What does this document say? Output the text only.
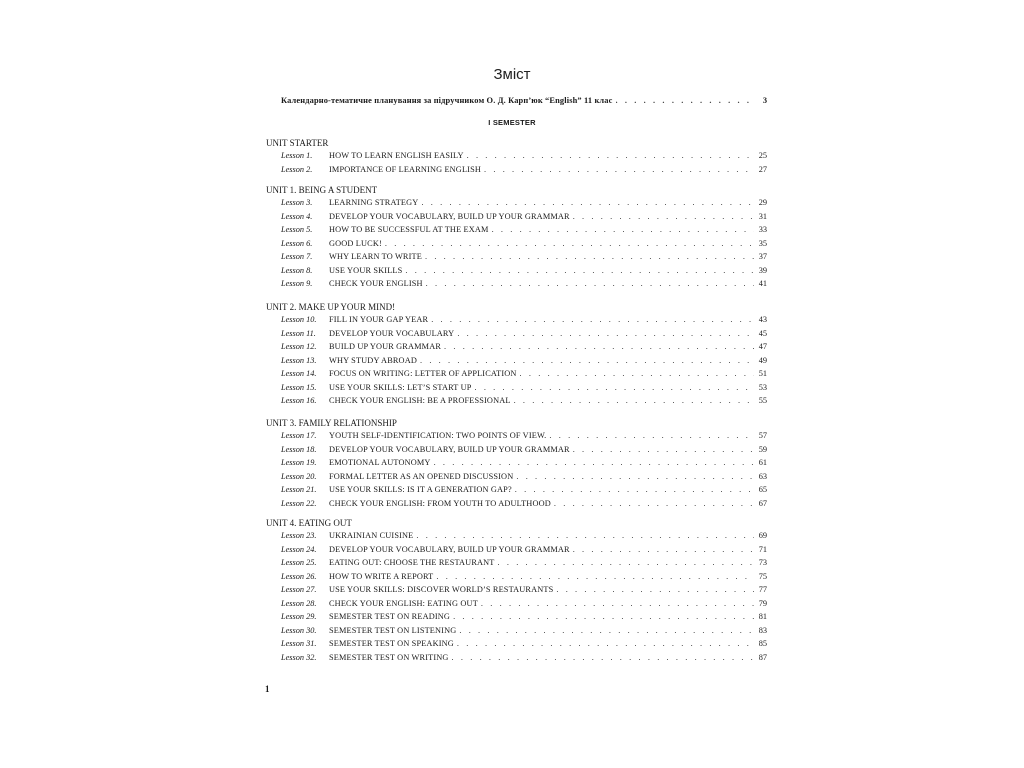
Зміст
Календарно-тематичне планування за підручником О. Д. Карп’юк “English” 11 клас . . .	3
I SEMESTER
UNIT STARTER
Lesson 1.	HOW TO LEARN ENGLISH EASILY . . .	25
Lesson 2.	IMPORTANCE OF LEARNING ENGLISH . . .	27
UNIT 1. BEING A STUDENT
Lesson 3.	LEARNING STRATEGY . . .	29
Lesson 4.	DEVELOP YOUR VOCABULARY, BUILD UP YOUR GRAMMAR . . .	31
Lesson 5.	HOW TO BE SUCCESSFUL AT THE EXAM . . .	33
Lesson 6.	GOOD LUCK! . . .	35
Lesson 7.	WHY LEARN TO WRITE . . .	37
Lesson 8.	USE YOUR SKILLS . . .	39
Lesson 9.	CHECK YOUR ENGLISH . . .	41
UNIT 2. MAKE UP YOUR MIND!
Lesson 10.	FILL IN YOUR GAP YEAR . . .	43
Lesson 11.	DEVELOP YOUR VOCABULARY . . .	45
Lesson 12.	BUILD UP YOUR GRAMMAR . . .	47
Lesson 13.	WHY STUDY ABROAD . . .	49
Lesson 14.	FOCUS ON WRITING: LETTER OF APPLICATION . . .	51
Lesson 15.	USE YOUR SKILLS: LET’S START UP . . .	53
Lesson 16.	CHECK YOUR ENGLISH: BE A PROFESSIONAL . . .	55
UNIT 3. FAMILY RELATIONSHIP
Lesson 17.	YOUTH SELF-IDENTIFICATION: TWO POINTS OF VIEW. . . .	57
Lesson 18.	DEVELOP YOUR VOCABULARY, BUILD UP YOUR GRAMMAR . . .	59
Lesson 19.	EMOTIONAL AUTONOMY . . .	61
Lesson 20.	FORMAL LETTER AS AN OPENED DISCUSSION . . .	63
Lesson 21.	USE YOUR SKILLS: IS IT A GENERATION GAP? . . .	65
Lesson 22.	CHECK YOUR ENGLISH: FROM YOUTH TO ADULTHOOD . . .	67
UNIT 4. EATING OUT
Lesson 23.	UKRAINIAN CUISINE . . .	69
Lesson 24.	DEVELOP YOUR VOCABULARY, BUILD UP YOUR GRAMMAR . . .	71
Lesson 25.	EATING OUT: CHOOSE THE RESTAURANT . . .	73
Lesson 26.	HOW TO WRITE A REPORT . . .	75
Lesson 27.	USE YOUR SKILLS: DISCOVER WORLD’S RESTAURANTS . . .	77
Lesson 28.	CHECK YOUR ENGLISH: EATING OUT . . .	79
Lesson 29.	SEMESTER TEST ON READING . . .	81
Lesson 30.	SEMESTER TEST ON LISTENING . . .	83
Lesson 31.	SEMESTER TEST ON SPEAKING . . .	85
Lesson 32.	SEMESTER TEST ON WRITING . . .	87
1
